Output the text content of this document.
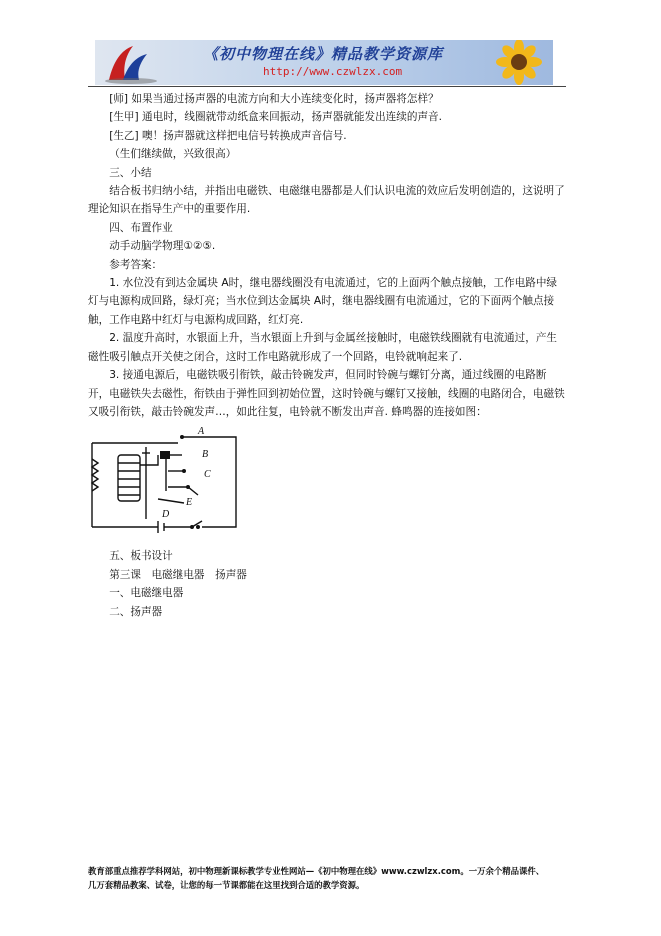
《初中物理在线》精品教学资源库
http://www.czwlzx.com

[师] 如果当通过扬声器的电流方向和大小连续变化时，扬声器将怎样？

[生甲] 通电时，线圈就带动纸盒来回振动，扬声器就能发出连续的声音.

[生乙] 噢！扬声器就这样把电信号转换成声音信号.

（生们继续做，兴致很高）

三、小结

结合板书归纳小结，并指出电磁铁、电磁继电器都是人们认识电流的效应后发明创造的，这说明了理论知识在指导生产中的重要作用.

四、布置作业

动手动脑学物理①②⑤.

参考答案：

1. 水位没有到达金属块 A时，继电器线圈没有电流通过，它的上面两个触点接触，工作电路中绿灯与电源构成回路，绿灯亮；当水位到达金属块 A时，继电器线圈有电流通过，它的下面两个触点接触，工作电路中红灯与电源构成回路，红灯亮.

2. 温度升高时，水银面上升，当水银面上升到与金属丝接触时，电磁铁线圈就有电流通过，产生磁性吸引触点开关使之闭合，这时工作电路就形成了一个回路，电铃就响起来了.

3. 接通电源后，电磁铁吸引衔铁，敲击铃碗发声，但同时铃碗与螺钉分离，通过线圈的电路断开，电磁铁失去磁性，衔铁由于弹性回到初始位置，这时铃碗与螺钉又接触，线圈的电路闭合，电磁铁又吸引衔铁，敲击铃碗发声…，如此往复，电铃就不断发出声音. 蜂鸣器的连接如图：

A
B
C
E
D

五、板书设计

第三课　电磁继电器　扬声器

一、电磁继电器

二、扬声器

教育部重点推荐学科网站，初中物理新课标教学专业性网站—《初中物理在线》www.czwlzx.com。一万余个精品课件、
几万套精品教案、试卷，让您的每一节课都能在这里找到合适的教学资源。
